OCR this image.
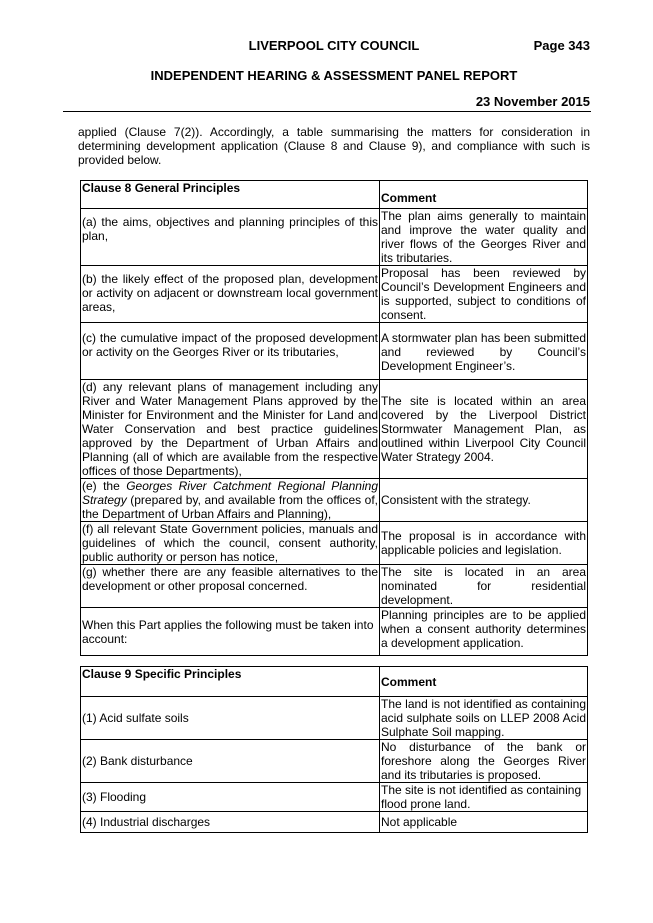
LIVERPOOL CITY COUNCIL	Page 343
INDEPENDENT HEARING & ASSESSMENT PANEL REPORT
23 November 2015
applied (Clause 7(2)). Accordingly, a table summarising the matters for consideration in determining development application (Clause 8 and Clause 9), and compliance with such is provided below.
Clause 8 General Principles	Comment
(a) the aims, objectives and planning principles of this plan,	The plan aims generally to maintain and improve the water quality and river flows of the Georges River and its tributaries.
(b) the likely effect of the proposed plan, development or activity on adjacent or downstream local government areas,	Proposal has been reviewed by Council’s Development Engineers and is supported, subject to conditions of consent.
(c) the cumulative impact of the proposed development or activity on the Georges River or its tributaries,	A stormwater plan has been submitted and reviewed by Council’s Development Engineer’s.
(d) any relevant plans of management including any River and Water Management Plans approved by the Minister for Environment and the Minister for Land and Water Conservation and best practice guidelines approved by the Department of Urban Affairs and Planning (all of which are available from the respective offices of those Departments),	The site is located within an area covered by the Liverpool District Stormwater Management Plan, as outlined within Liverpool City Council Water Strategy 2004.
(e) the Georges River Catchment Regional Planning Strategy (prepared by, and available from the offices of, the Department of Urban Affairs and Planning),	Consistent with the strategy.
(f) all relevant State Government policies, manuals and guidelines of which the council, consent authority, public authority or person has notice,	The proposal is in accordance with applicable policies and legislation.
(g) whether there are any feasible alternatives to the development or other proposal concerned.	The site is located in an area nominated for residential development.
When this Part applies the following must be taken into account:	Planning principles are to be applied when a consent authority determines a development application.
Clause 9 Specific Principles	Comment
(1) Acid sulfate soils	The land is not identified as containing acid sulphate soils on LLEP 2008 Acid Sulphate Soil mapping.
(2) Bank disturbance	No disturbance of the bank or foreshore along the Georges River and its tributaries is proposed.
(3) Flooding	The site is not identified as containing flood prone land.
(4) Industrial discharges	Not applicable
